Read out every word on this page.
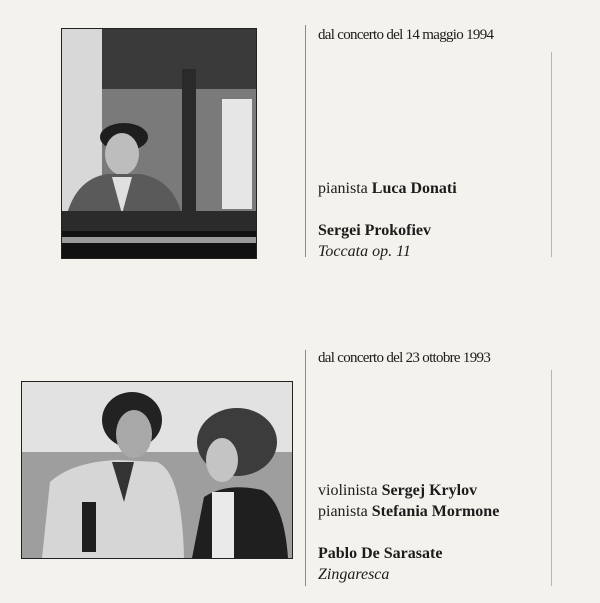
dal concerto del 14 maggio 1994
pianista Luca Donati
Sergei Prokofiev
Toccata op. 11
dal concerto del 23 ottobre 1993
violinista Sergej Krylov
pianista Stefania Mormone
Pablo De Sarasate
Zingaresca
